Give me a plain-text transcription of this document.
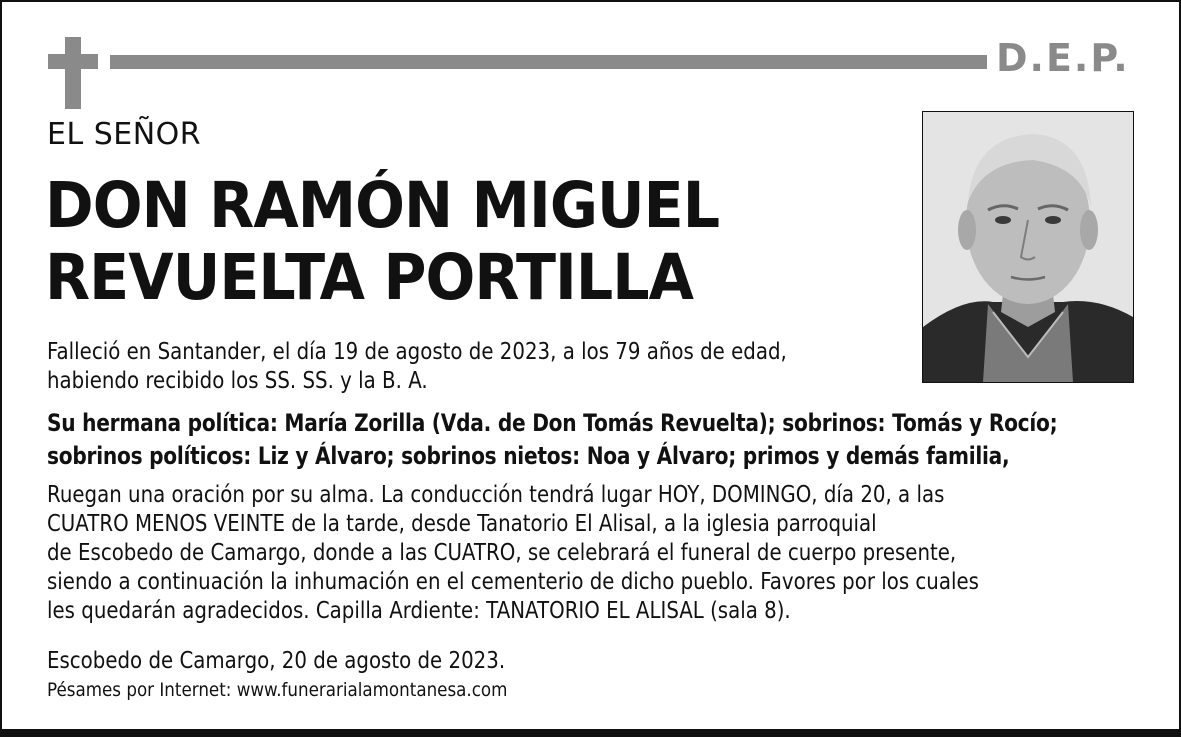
D.E.P.
EL SEÑOR
DON RAMÓN MIGUEL
REVUELTA PORTILLA
Falleció en Santander, el día 19 de agosto de 2023, a los 79 años de edad,
habiendo recibido los SS. SS. y la B. A.
Su hermana política: María Zorilla (Vda. de Don Tomás Revuelta); sobrinos: Tomás y Rocío;
sobrinos políticos: Liz y Álvaro; sobrinos nietos: Noa y Álvaro; primos y demás familia,
Ruegan una oración por su alma. La conducción tendrá lugar HOY, DOMINGO, día 20, a las
CUATRO MENOS VEINTE de la tarde, desde Tanatorio El Alisal, a la iglesia parroquial
de Escobedo de Camargo, donde a las CUATRO, se celebrará el funeral de cuerpo presente,
siendo a continuación la inhumación en el cementerio de dicho pueblo. Favores por los cuales
les quedarán agradecidos. Capilla Ardiente: TANATORIO EL ALISAL (sala 8).
Escobedo de Camargo, 20 de agosto de 2023.
Pésames por Internet: www.funerarialamontanesa.com
